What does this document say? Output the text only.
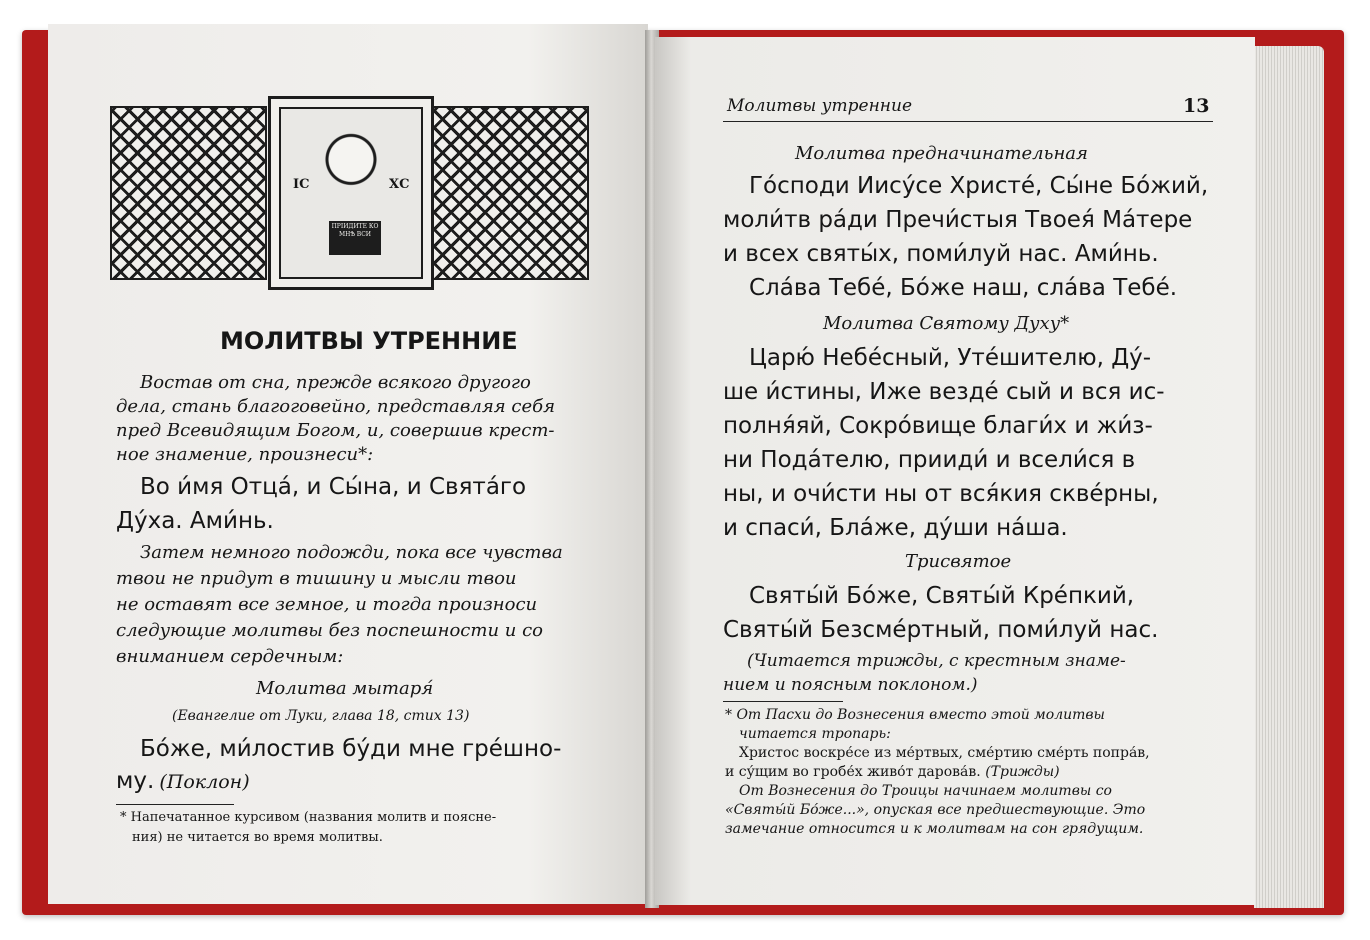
ІС	ХС
ПРІИДИТЕ КО МНѢ ВСИ
МОЛИТВЫ УТРЕННИЕ
Востав от сна, прежде всякого другого
дела, стань благоговейно, представляя себя
пред Всевидящим Богом, и, совершив крест-
ное знамение, произнеси*:
Во и́мя Отца́, и Сы́на, и Свята́го
Ду́ха. Ами́нь.
Затем немного подожди, пока все чувства
твои не придут в тишину и мысли твои
не оставят все земное, и тогда произноси
следующие молитвы без поспешности и со
вниманием сердечным:
Молитва мытаря́
(Евангелие от Луки, глава 18, стих 13)
Бо́же, ми́лостив бу́ди мне гре́шно-
му. (Поклон)
* Напечатанное курсивом (названия молитв и поясне-
ния) не читается во время молитвы.
Молитвы утренние	13
Молитва предначинательная
Го́споди Иису́се Христе́, Сы́не Бо́жий,
моли́тв ра́ди Пречи́стыя Твоея́ Ма́тере
и всех святы́х, поми́луй нас. Ами́нь.
Сла́ва Тебе́, Бо́же наш, сла́ва Тебе́.
Молитва Святому Духу*
Царю́ Небе́сный, Уте́шителю, Ду́-
ше и́стины, Иже везде́ сый и вся ис-
полня́яй, Сокро́вище благи́х и жи́з-
ни Пода́телю, прииди́ и всели́ся в
ны, и очи́сти ны от вся́кия скве́рны,
и спаси́, Бла́же, ду́ши на́ша.
Трисвятое
Святы́й Бо́же, Святы́й Кре́пкий,
Святы́й Безсме́ртный, поми́луй нас.
(Читается трижды, с крестным знаме-
нием и поясным поклоном.)
* От Пасхи до Вознесения вместо этой молитвы
читается тропарь:
Христос воскре́се из ме́ртвых, сме́ртию сме́рть попра́в,
и су́щим во гробе́х живо́т дарова́в. (Трижды)
От Вознесения до Троицы начинаем молитвы со
«Святы́й Бо́же...», опуская все предшествующие. Это
замечание относится и к молитвам на сон грядущим.
